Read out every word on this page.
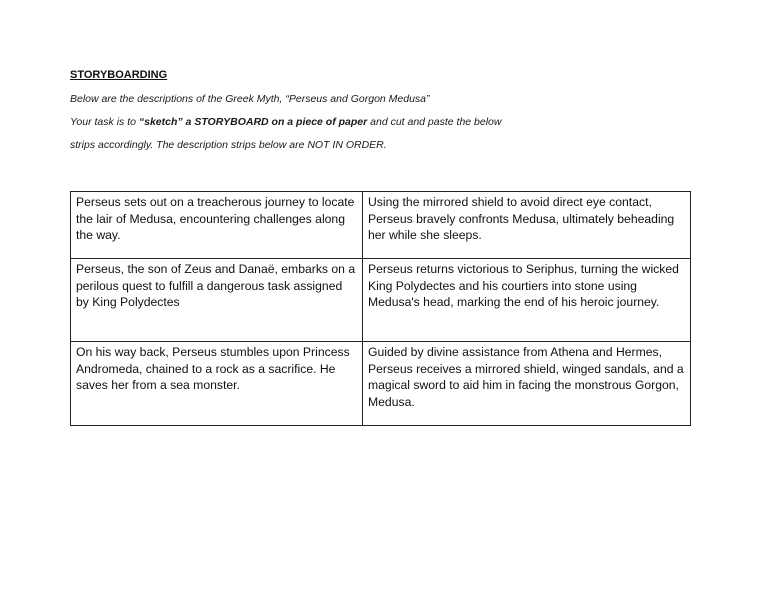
STORYBOARDING
Below are the descriptions of the Greek Myth, “Perseus and Gorgon Medusa”
Your task is to “sketch” a STORYBOARD on a piece of paper and cut and paste the below
strips accordingly. The description strips below are NOT IN ORDER.
Perseus sets out on a treacherous journey to locate the lair of Medusa, encountering challenges along the way.	Using the mirrored shield to avoid direct eye contact, Perseus bravely confronts Medusa, ultimately beheading her while she sleeps.
Perseus, the son of Zeus and Danaë, embarks on a perilous quest to fulfill a dangerous task assigned by King Polydectes	Perseus returns victorious to Seriphus, turning the wicked King Polydectes and his courtiers into stone using Medusa's head, marking the end of his heroic journey.
On his way back, Perseus stumbles upon Princess Andromeda, chained to a rock as a sacrifice. He saves her from a sea monster.	Guided by divine assistance from Athena and Hermes, Perseus receives a mirrored shield, winged sandals, and a magical sword to aid him in facing the monstrous Gorgon, Medusa.
